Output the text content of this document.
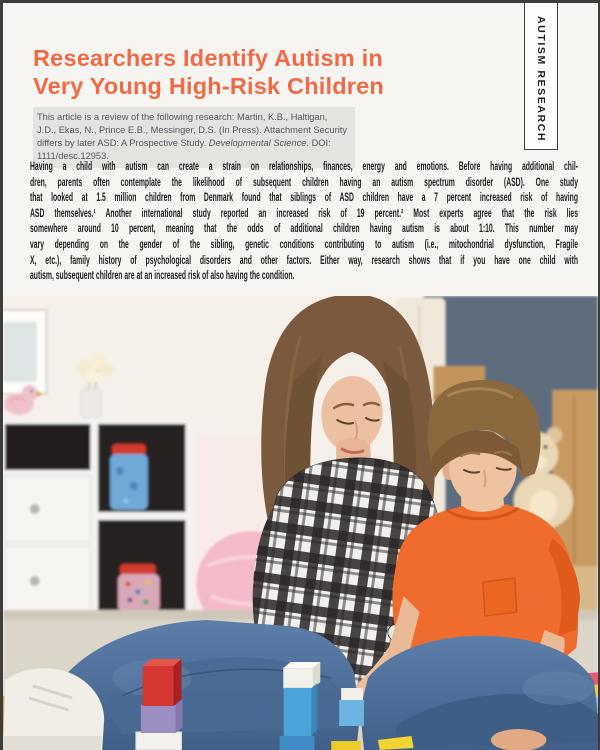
AUTISM RESEARCH
Researchers Identify Autism in
Very Young High-Risk Children
This article is a review of the following research: Martin, K.B., Haltigan, J.D., Ekas, N., Prince E.B., Messinger, D.S. (In Press). Attachment Security differs by later ASD: A Prospective Study. Developmental Science. DOI: 1111/desc.12953.
Having a child with autism can create a strain on relationships, finances, energy and emotions. Before having additional chil-
dren, parents often contemplate the likelihood of subsequent children having an autism spectrum disorder (ASD). One study
that looked at 1.5 million children from Denmark found that siblings of ASD children have a 7 percent increased risk of having
ASD themselves.¹ Another international study reported an increased risk of 19 percent.² Most experts agree that the risk lies
somewhere around 10 percent, meaning that the odds of additional children having autism is about 1:10. This number may
vary depending on the gender of the sibling, genetic conditions contributing to autism (i.e., mitochondrial dysfunction, Fragile
X, etc.), family history of psychological disorders and other factors. Either way, research shows that if you have one child with
autism, subsequent children are at an increased risk of also having the condition.
